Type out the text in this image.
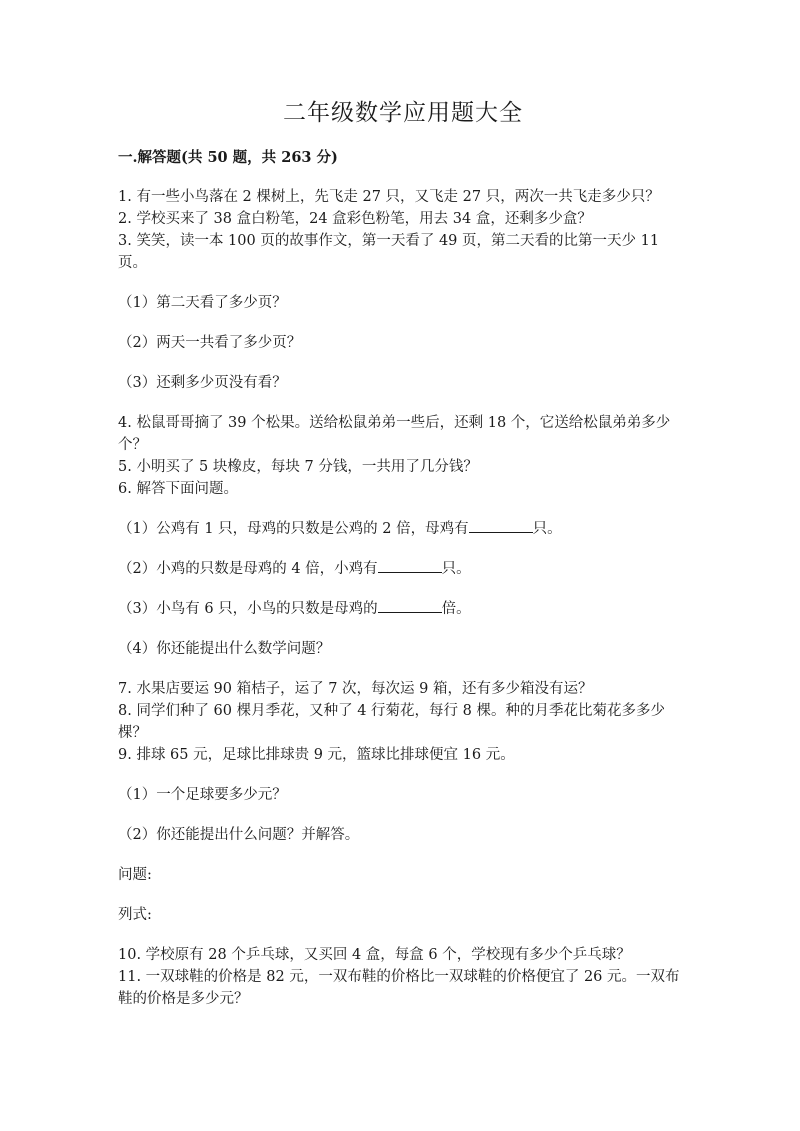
二年级数学应用题大全
一.解答题(共 50 题，共 263 分)

1. 有一些小鸟落在 2 棵树上，先飞走 27 只，又飞走 27 只，两次一共飞走多少只？

2. 学校买来了 38 盒白粉笔，24 盒彩色粉笔，用去 34 盒，还剩多少盒？

3. 笑笑，读一本 100 页的故事作文，第一天看了 49 页，第二天看的比第一天少 11 页。

（1）第二天看了多少页？

（2）两天一共看了多少页？

（3）还剩多少页没有看？

4. 松鼠哥哥摘了 39 个松果。送给松鼠弟弟一些后，还剩 18 个，它送给松鼠弟弟多少个？

5. 小明买了 5 块橡皮，每块 7 分钱，一共用了几分钱？

6. 解答下面问题。

（1）公鸡有 1 只，母鸡的只数是公鸡的 2 倍，母鸡有	只。

（2）小鸡的只数是母鸡的 4 倍，小鸡有	只。

（3）小鸟有 6 只，小鸟的只数是母鸡的	倍。

（4）你还能提出什么数学问题？

7. 水果店要运 90 箱桔子，运了 7 次，每次运 9 箱，还有多少箱没有运？

8. 同学们种了 60 棵月季花，又种了 4 行菊花，每行 8 棵。种的月季花比菊花多多少棵？

9. 排球 65 元，足球比排球贵 9 元，篮球比排球便宜 16 元。

（1）一个足球要多少元？

（2）你还能提出什么问题？并解答。

问题:

列式:

10. 学校原有 28 个乒乓球，又买回 4 盒，每盒 6 个，学校现有多少个乒乓球？

11. 一双球鞋的价格是 82 元，一双布鞋的价格比一双球鞋的价格便宜了 26 元。一双布鞋的价格是多少元？
